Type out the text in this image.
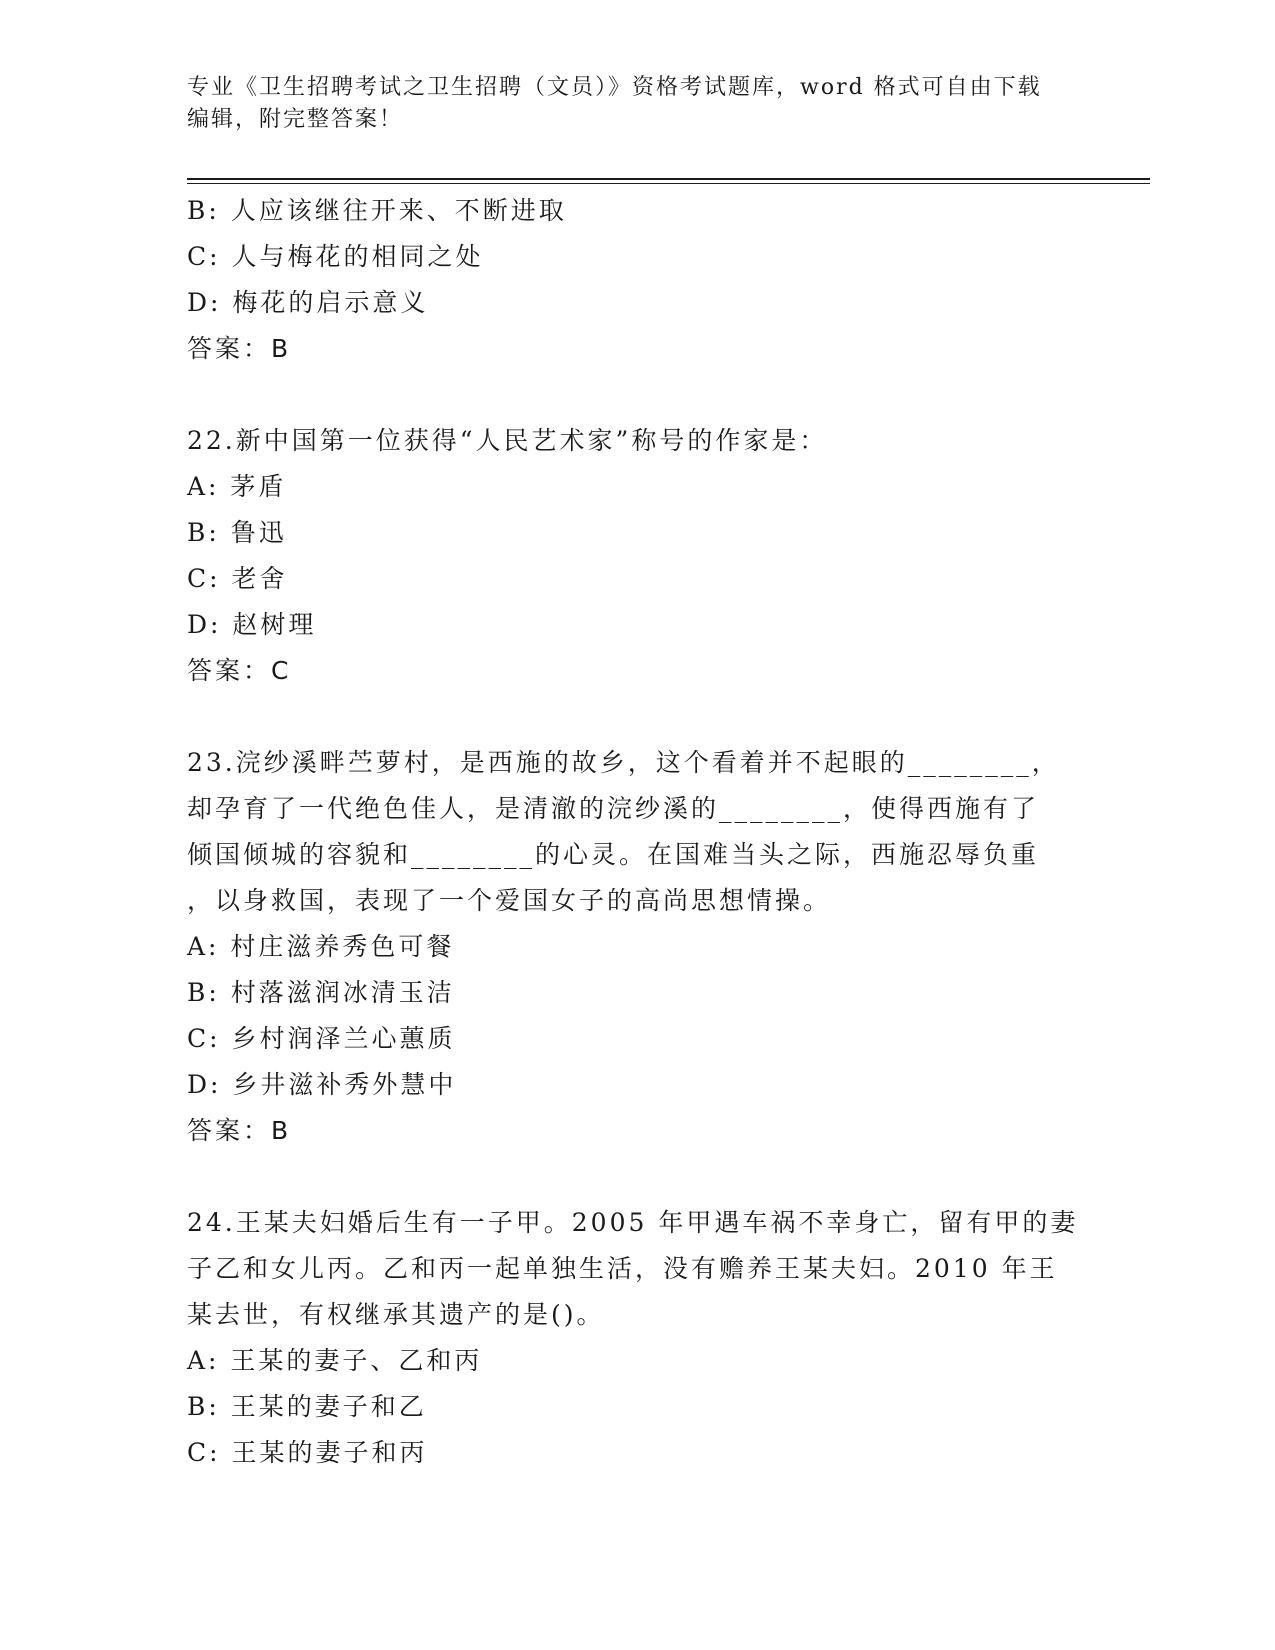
专业《卫生招聘考试之卫生招聘（文员）》资格考试题库，word 格式可自由下载
编辑，附完整答案！
B: 人应该继往开来、不断进取
C: 人与梅花的相同之处
D: 梅花的启示意义
答案：B
22.新中国第一位获得“人民艺术家”称号的作家是：
A: 茅盾
B: 鲁迅
C: 老舍
D: 赵树理
答案：C
23.浣纱溪畔苎萝村，是西施的故乡，这个看着并不起眼的________，
却孕育了一代绝色佳人，是清澈的浣纱溪的________，使得西施有了
倾国倾城的容貌和________的心灵。在国难当头之际，西施忍辱负重
，以身救国，表现了一个爱国女子的高尚思想情操。
A: 村庄滋养秀色可餐
B: 村落滋润冰清玉洁
C: 乡村润泽兰心蕙质
D: 乡井滋补秀外慧中
答案：B
24.王某夫妇婚后生有一子甲。2005 年甲遇车祸不幸身亡，留有甲的妻
子乙和女儿丙。乙和丙一起单独生活，没有赡养王某夫妇。2010 年王
某去世，有权继承其遗产的是()。
A: 王某的妻子、乙和丙
B: 王某的妻子和乙
C: 王某的妻子和丙
